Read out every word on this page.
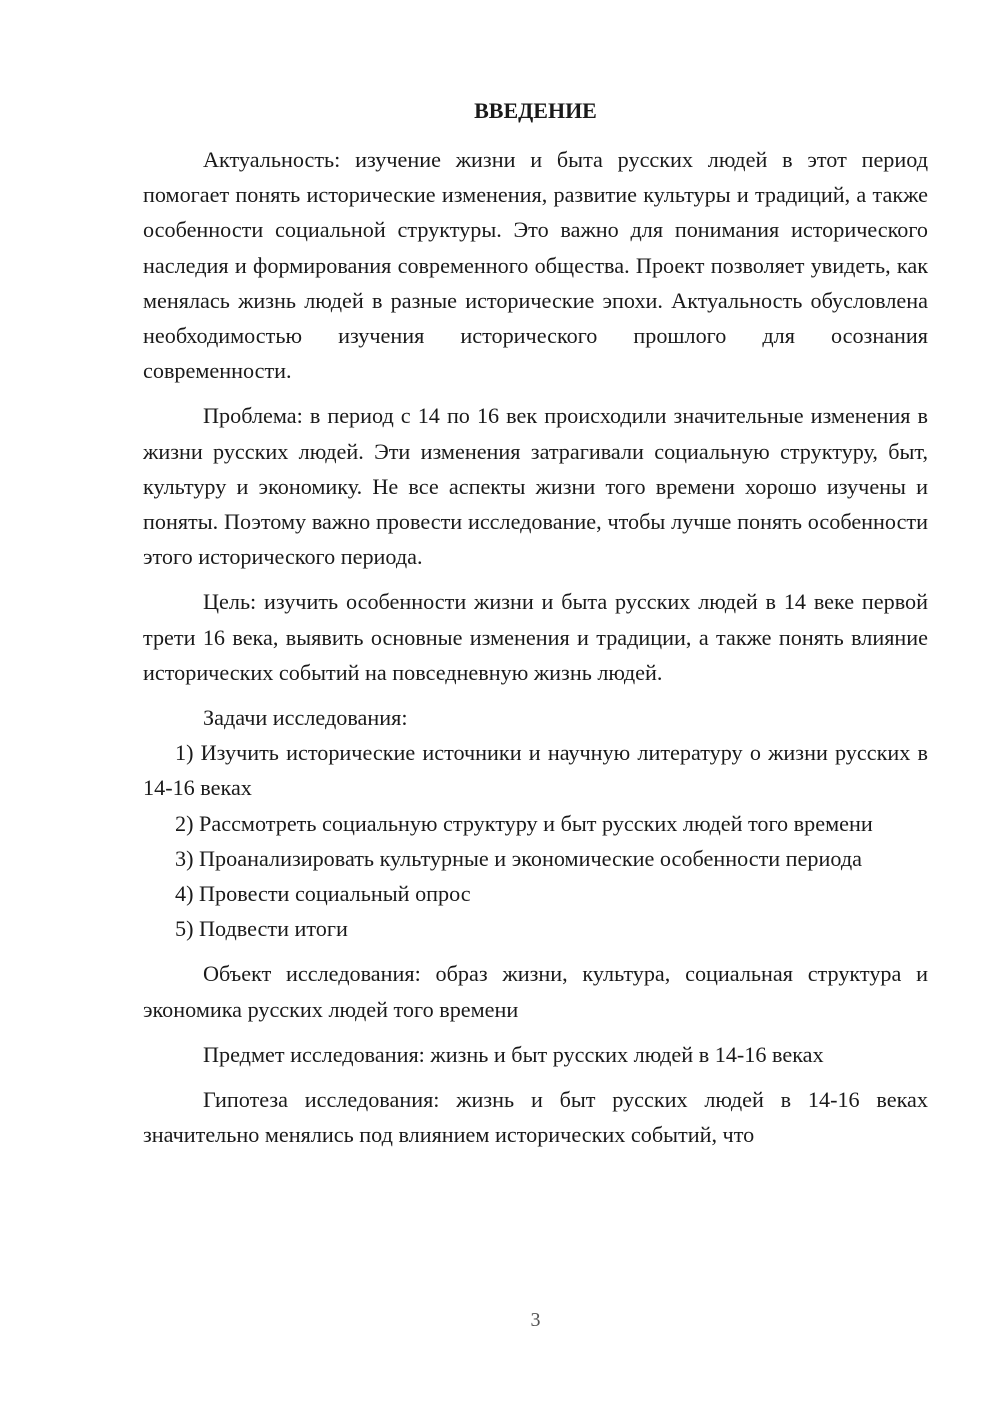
ВВЕДЕНИЕ

Актуальность: изучение жизни и быта русских людей в этот период помогает понять исторические изменения, развитие культуры и традиций, а также особенности социальной структуры. Это важно для понимания исторического наследия и формирования современного общества. Проект позволяет увидеть, как менялась жизнь людей в разные исторические эпохи. Актуальность обусловлена необходимостью изучения исторического прошлого для осознания современности.

Проблема: в период с 14 по 16 век происходили значительные изменения в жизни русских людей. Эти изменения затрагивали социальную структуру, быт, культуру и экономику. Не все аспекты жизни того времени хорошо изучены и поняты. Поэтому важно провести исследование, чтобы лучше понять особенности этого исторического периода.

Цель: изучить особенности жизни и быта русских людей в 14 веке первой трети 16 века, выявить основные изменения и традиции, а также понять влияние исторических событий на повседневную жизнь людей.

Задачи исследования:

1) Изучить исторические источники и научную литературу о жизни русских в 14-16 веках

2) Рассмотреть социальную структуру и быт русских людей того времени

3) Проанализировать культурные и экономические особенности периода

4) Провести социальный опрос

5) Подвести итоги

Объект исследования: образ жизни, культура, социальная структура и экономика русских людей того времени

Предмет исследования: жизнь и быт русских людей в 14-16 веках

Гипотеза исследования: жизнь и быт русских людей в 14-16 веках значительно менялись под влиянием исторических событий, что

3
